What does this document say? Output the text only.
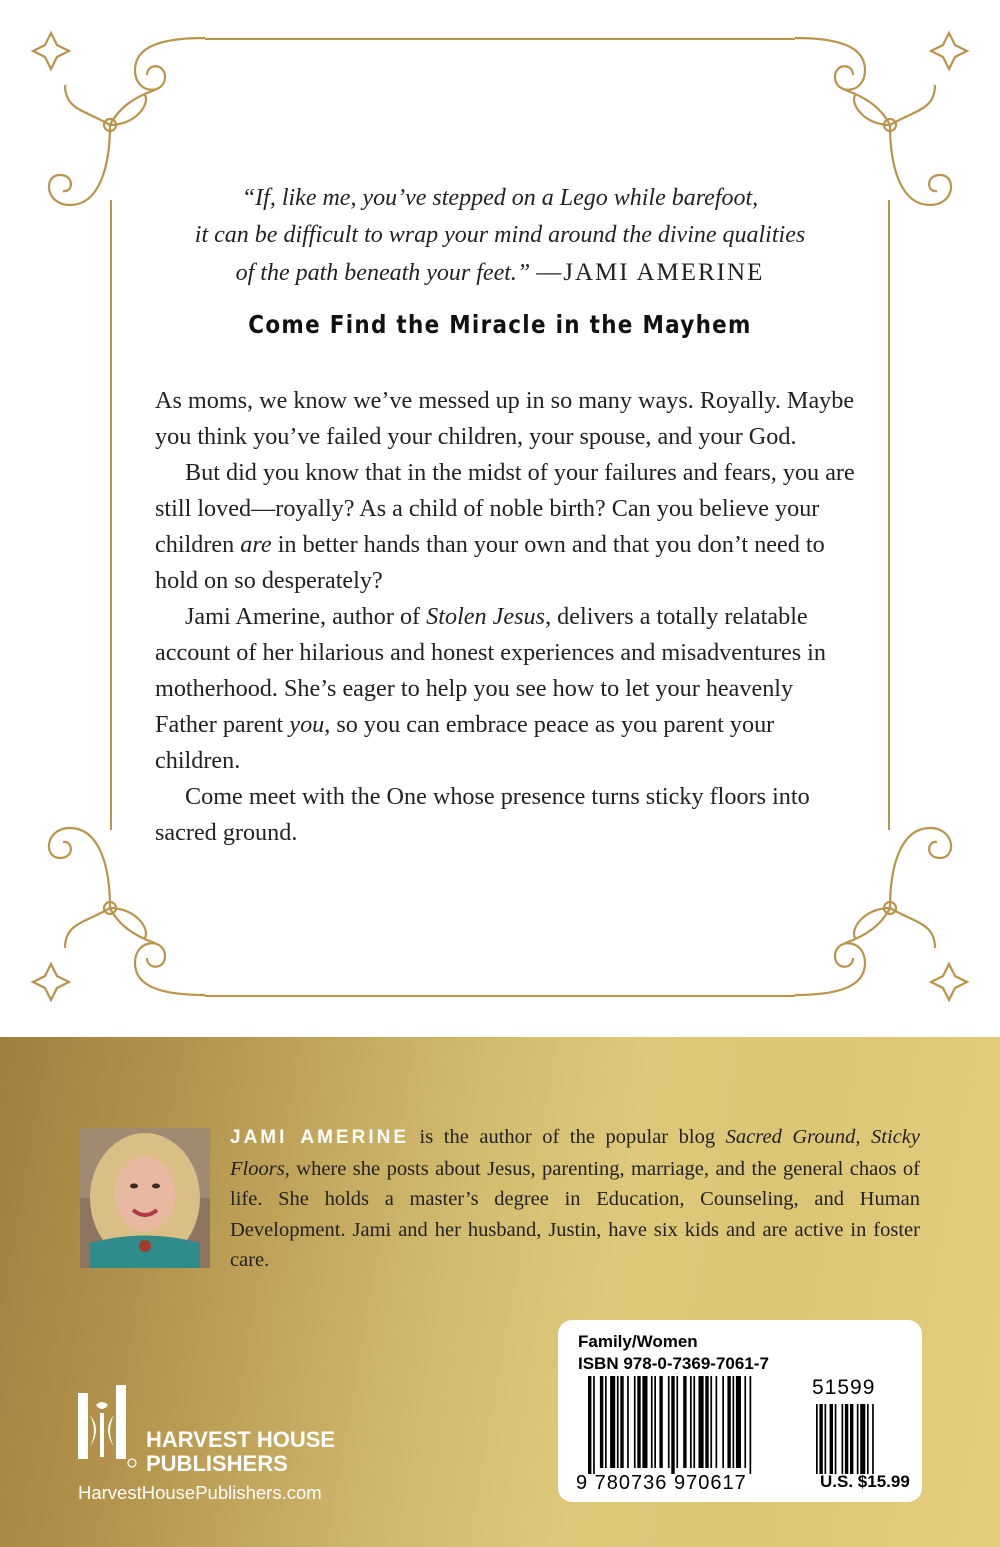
“If, like me, you’ve stepped on a Lego while barefoot,
it can be difficult to wrap your mind around the divine qualities
of the path beneath your feet.” —JAMI AMERINE
Come Find the Miracle in the Mayhem

As moms, we know we’ve messed up in so many ways. Royally. Maybe you think you’ve failed your children, your spouse, and your God.

But did you know that in the midst of your failures and fears, you are still loved—royally? As a child of noble birth? Can you believe your children are in better hands than your own and that you don’t need to hold on so desperately?

Jami Amerine, author of Stolen Jesus, delivers a totally relatable account of her hilarious and honest experiences and misadventures in motherhood. She’s eager to help you see how to let your heavenly Father parent you, so you can embrace peace as you parent your children.

Come meet with the One whose presence turns sticky floors into sacred ground.

JAMI AMERINE is the author of the popular blog Sacred Ground, Sticky Floors, where she posts about Jesus, parenting, marriage, and the general chaos of life. She holds a master’s degree in Education, Counseling, and Human Development. Jami and her husband, Justin, have six kids and are active in foster care.
HARVEST HOUSE
PUBLISHERS
HarvestHousePublishers.com
Family/Women
ISBN 978-0-7369-7061-7
51599
9 780736 970617	U.S. $15.99
